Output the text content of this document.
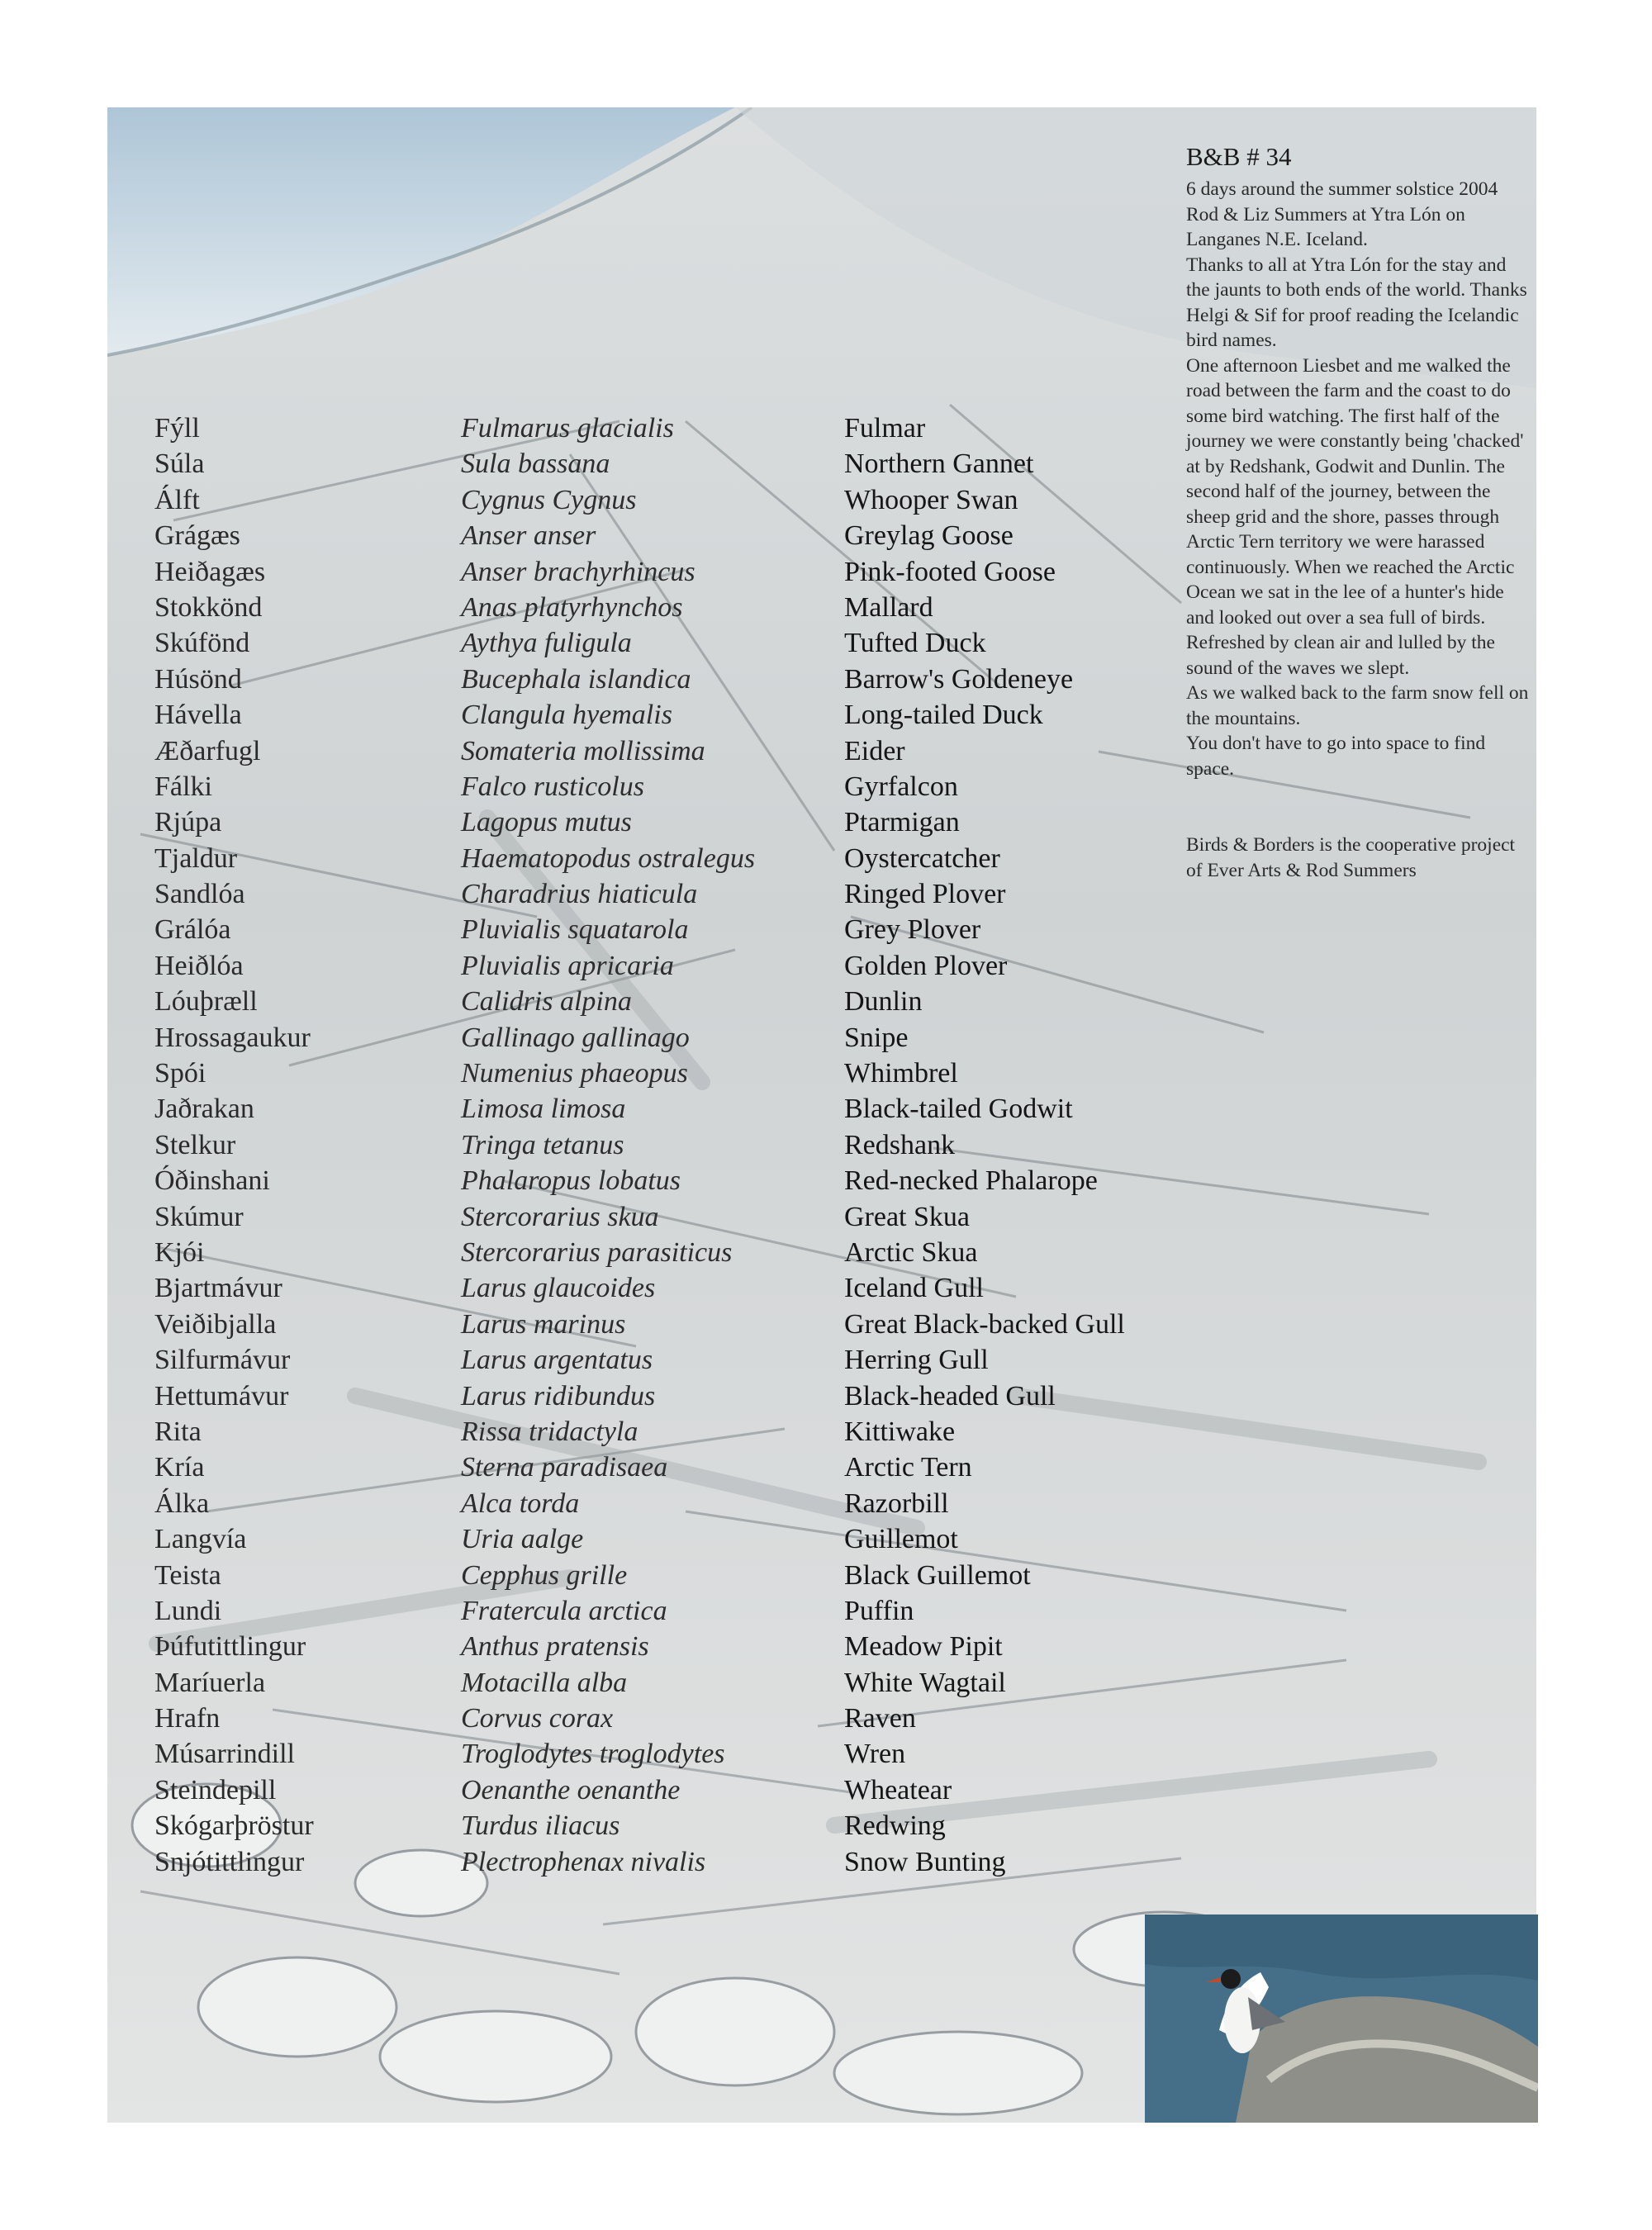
Fýll
Súla
Álft
Grágæs
Heiðagæs
Stokkönd
Skúfönd
Húsönd
Hávella
Æðarfugl
Fálki
Rjúpa
Tjaldur
Sandlóa
Grálóa
Heiðlóa
Lóuþræll
Hrossagaukur
Spói
Jaðrakan
Stelkur
Óðinshani
Skúmur
Kjói
Bjartmávur
Veiðibjalla
Silfurmávur
Hettumávur
Rita
Kría
Álka
Langvía
Teista
Lundi
Þúfutittlingur
Maríuerla
Hrafn
Músarrindill
Steindepill
Skógarþröstur
Snjótittlingur
Fulmarus glacialis
Sula bassana
Cygnus Cygnus
Anser anser
Anser brachyrhincus
Anas platyrhynchos
Aythya fuligula
Bucephala islandica
Clangula hyemalis
Somateria mollissima
Falco rusticolus
Lagopus mutus
Haematopodus ostralegus
Charadrius hiaticula
Pluvialis squatarola
Pluvialis apricaria
Calidris alpina
Gallinago gallinago
Numenius phaeopus
Limosa limosa
Tringa tetanus
Phalaropus lobatus
Stercorarius skua
Stercorarius parasiticus
Larus glaucoides
Larus marinus
Larus argentatus
Larus ridibundus
Rissa tridactyla
Sterna paradisaea
Alca torda
Uria aalge
Cepphus grille
Fratercula arctica
Anthus pratensis
Motacilla alba
Corvus corax
Troglodytes troglodytes
Oenanthe oenanthe
Turdus iliacus
Plectrophenax nivalis
Fulmar
Northern Gannet
Whooper Swan
Greylag Goose
Pink-footed Goose
Mallard
Tufted Duck
Barrow's Goldeneye
Long-tailed Duck
Eider
Gyrfalcon
Ptarmigan
Oystercatcher
Ringed Plover
Grey Plover
Golden Plover
Dunlin
Snipe
Whimbrel
Black-tailed Godwit
Redshank
Red-necked Phalarope
Great Skua
Arctic Skua
Iceland Gull
Great Black-backed Gull
Herring Gull
Black-headed Gull
Kittiwake
Arctic Tern
Razorbill
Guillemot
Black Guillemot
Puffin
Meadow Pipit
White Wagtail
Raven
Wren
Wheatear
Redwing
Snow Bunting

B&B # 34

6 days around the summer solstice 2004

Rod & Liz Summers at Ytra Lón on Langanes N.E. Iceland.

Thanks to all at Ytra Lón for the stay and the jaunts to both ends of the world. Thanks Helgi & Sif for proof reading the Icelandic bird names.

One afternoon Liesbet and me walked the road between the farm and the coast to do some bird watching. The first half of the journey we were constantly being 'chacked' at by Redshank, Godwit and Dunlin. The second half of the journey, between the sheep grid and the shore, passes through Arctic Tern territory we were harassed continuously. When we reached the Arctic Ocean we sat in the lee of a hunter's hide and looked out over a sea full of birds. Refreshed by clean air and lulled by the sound of the waves we slept.

As we walked back to the farm snow fell on the mountains.

You don't have to go into space to find space.

Birds & Borders is the cooperative project of Ever Arts & Rod Summers
